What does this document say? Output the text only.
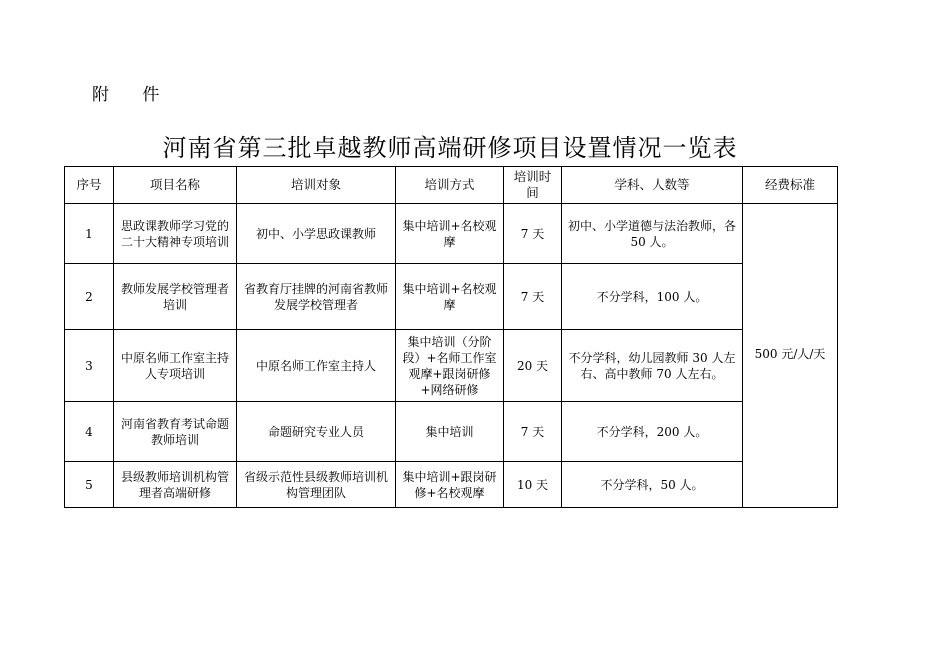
附 件
河南省第三批卓越教师高端研修项目设置情况一览表
序号	项目名称	培训对象	培训方式	培训时间	学科、人数等	经费标准
1	思政课教师学习党的二十大精神专项培训	初中、小学思政课教师	集中培训+名校观摩	7 天	初中、小学道德与法治教师，各 50 人。	500 元/人/天
2	教师发展学校管理者培训	省教育厅挂牌的河南省教师发展学校管理者	集中培训+名校观摩	7 天	不分学科，100 人。	
3	中原名师工作室主持人专项培训	中原名师工作室主持人	集中培训（分阶段）+名师工作室观摩+跟岗研修+网络研修	20 天	不分学科，幼儿园教师 30 人左右、高中教师 70 人左右。	
4	河南省教育考试命题教师培训	命题研究专业人员	集中培训	7 天	不分学科，200 人。	
5	县级教师培训机构管理者高端研修	省级示范性县级教师培训机构管理团队	集中培训+跟岗研修+名校观摩	10 天	不分学科，50 人。	
